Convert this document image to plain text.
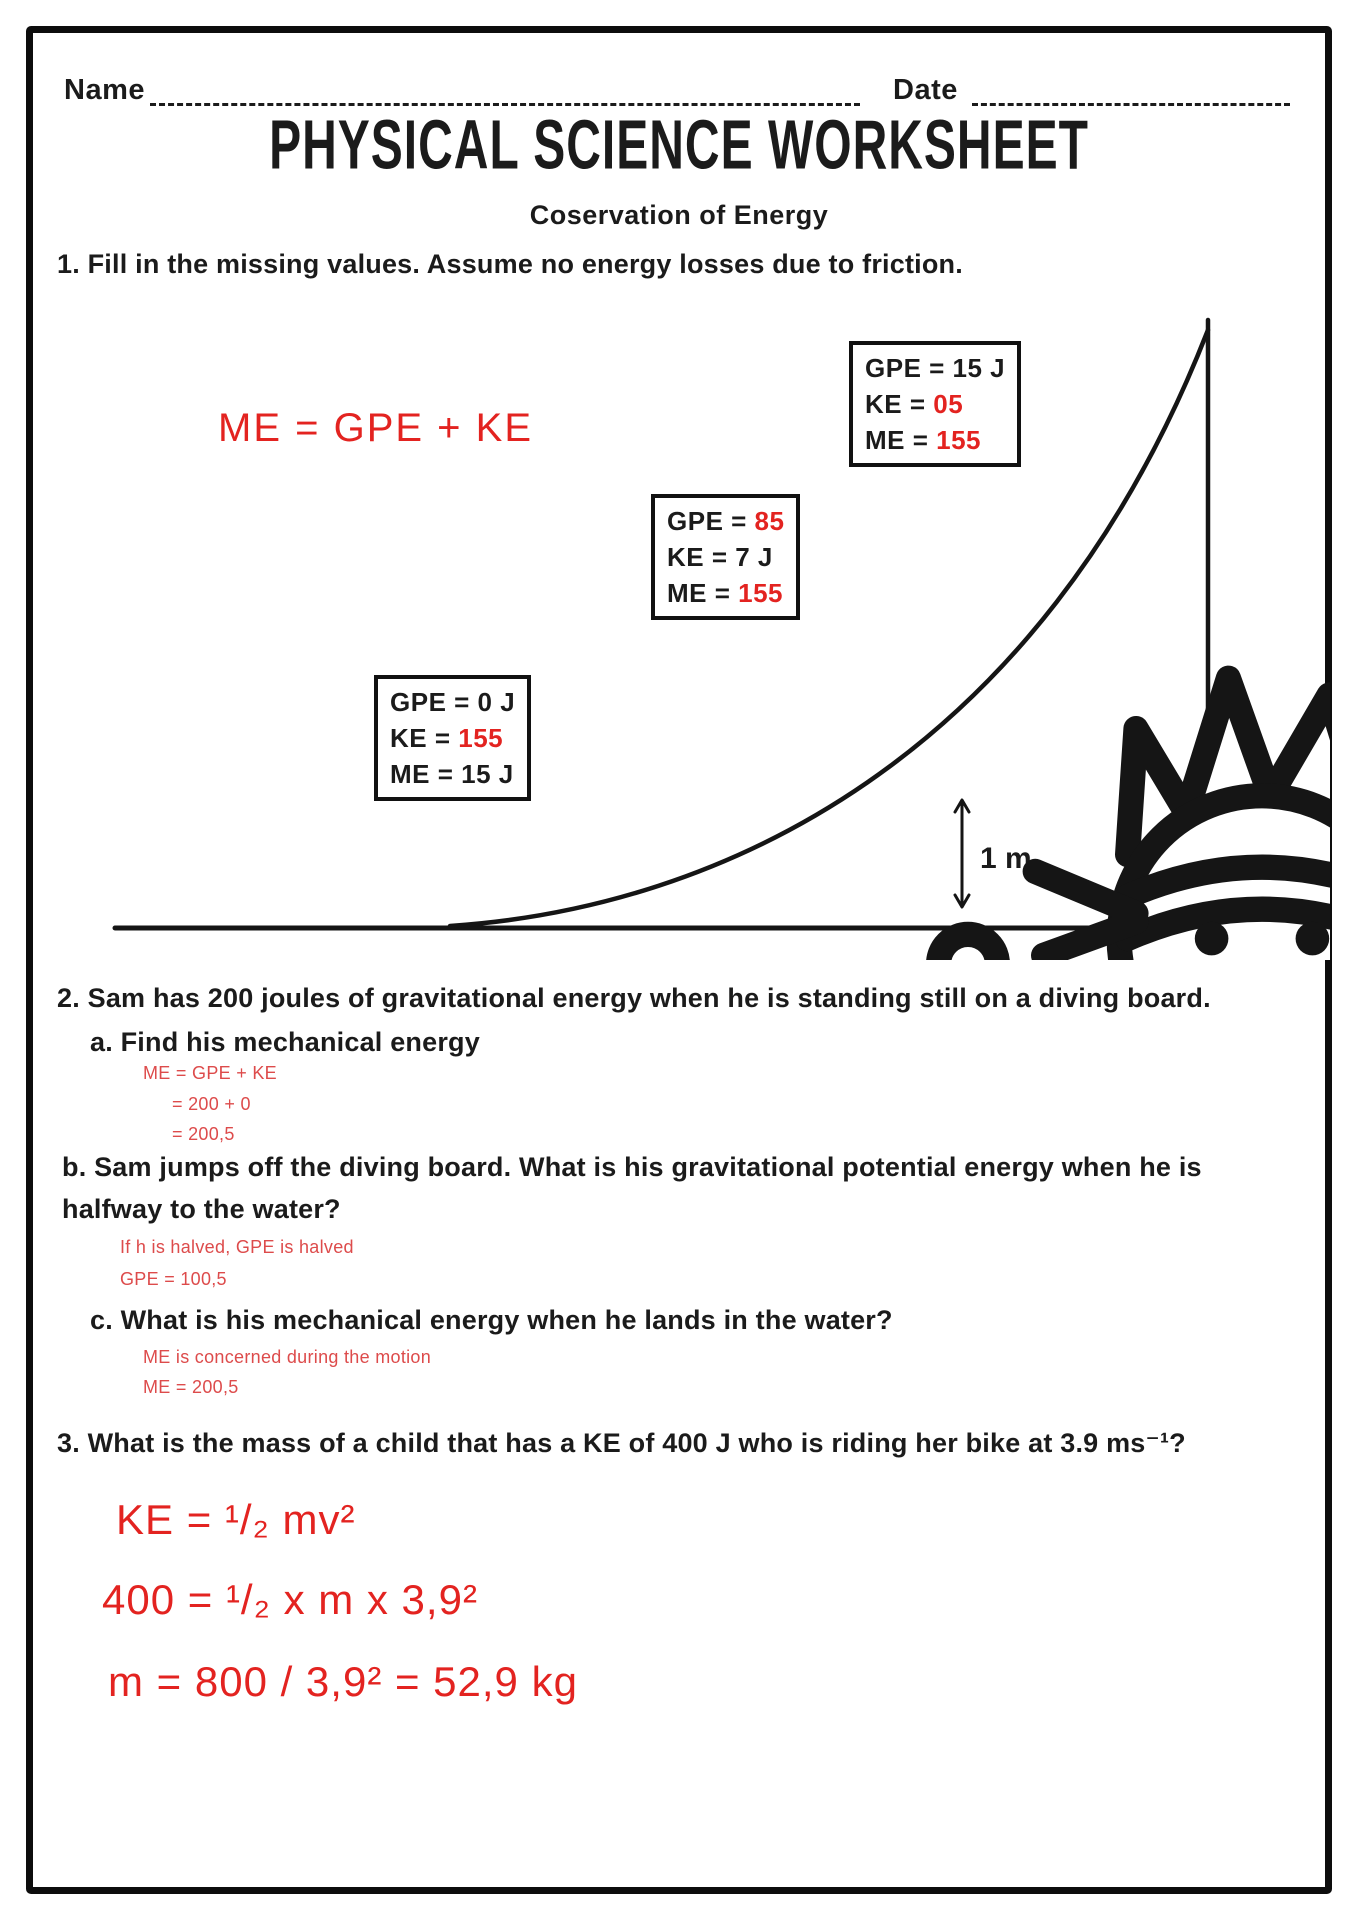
Name	Date
PHYSICAL SCIENCE WORKSHEET
Coservation of Energy
1. Fill in the missing values. Assume no energy losses due to friction.
ME = GPE + KE
1 m
GPE = 15 J
KE = 05
ME = 155
GPE = 85
KE = 7 J
ME = 155
GPE = 0 J
KE = 155
ME = 15 J
2. Sam has 200 joules of gravitational energy when he is standing still on a diving board.
a. Find his mechanical energy
ME = GPE + KE
= 200 + 0
= 200,5
b. Sam jumps off the diving board. What is his gravitational potential energy when he is
halfway to the water?
If h is halved, GPE is halved
GPE = 100,5
c. What is his mechanical energy when he lands in the water?
ME is concerned during the motion
ME = 200,5
3. What is the mass of a child that has a KE of 400 J who is riding her bike at 3.9 ms⁻¹?
KE = ¹/₂ mv²
400 = ¹/₂ x m x 3,9²
m = 800 / 3,9² = 52,9 kg
